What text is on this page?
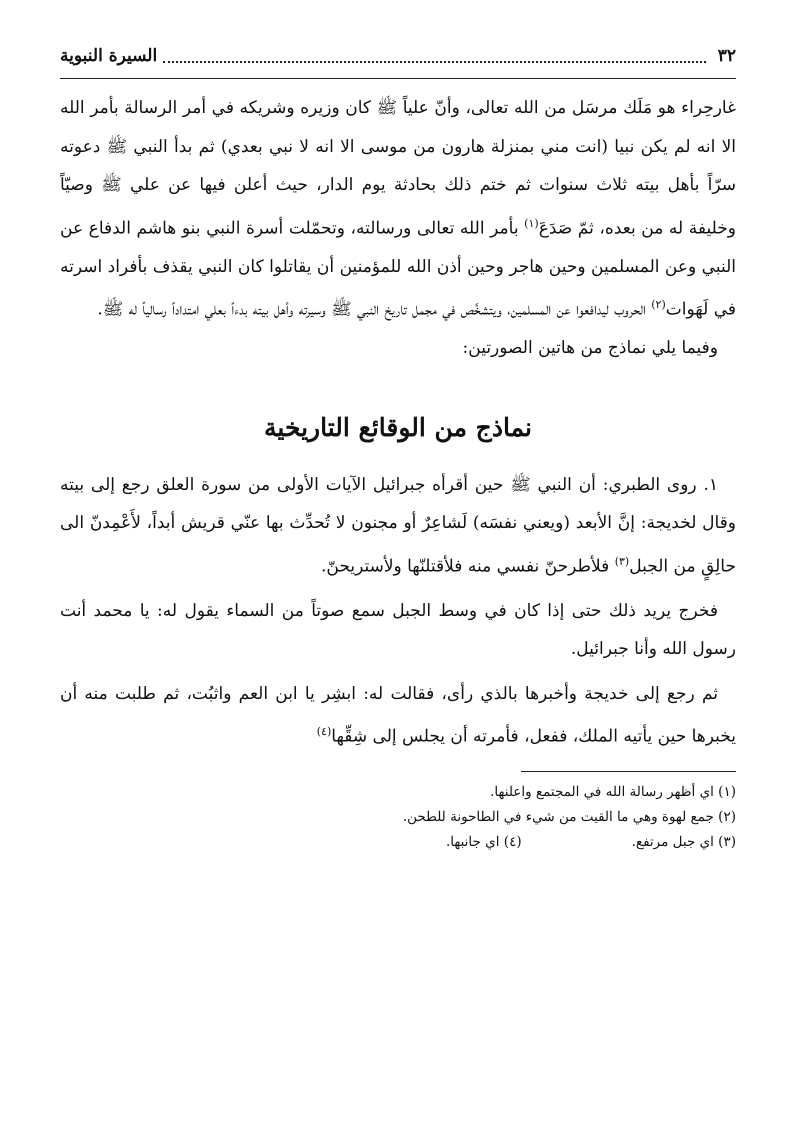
٣٢
السيرة النبوية

غارحِراء هو مَلَك مرسَل من الله تعالى، وأنّ علياً ﷺ كان وزيره وشريكه في أمر الرسالة بأمر الله الا انه لم يكن نبيا (انت مني بمنزلة هارون من موسى الا انه لا نبي بعدي) ثم بدأ النبي ﷺ دعوته سرّاً بأهل بيته ثلاث سنوات ثم ختم ذلك بحادثة يوم الدار، حيث أعلن فيها عن علي ﷺ وصيّاً وخليفة له من بعده، ثمّ صَدَعَ$^{(١)}$ بأمر الله تعالى ورسالته، وتحمّلت أسرة النبي بنو هاشم الدفاع عن النبي وعن المسلمين وحين هاجر وحين أذن الله للمؤمنين أن يقاتلوا كان النبي يقذف بأفراد اسرته في لَهَوات$^{(٢)}$ الحروب ليدافعوا عن المسلمين، ويتشخَّص في مجمل تاريخ النبي ﷺ وسيرته وأهل بيته بدءاً بعلي امتداداً رسالياً له ﷺ.

وفيما يلي نماذج من هاتين الصورتين:

نماذج من الوقائع التاريخية

١. روى الطبري: أن النبي ﷺ حين أقرأه جبرائيل الآيات الأولى من سورة العلق رجع إلى بيته وقال لخديجة: إنَّ الأبعد (ويعني نفسَه) لَشاعِرٌ أو مجنون لا تُحدِّث بها عنّي قريش أبداً، لأَعْمِدنّ الى حالِقٍ من الجبل$^{(٣)}$ فلأطرحنّ نفسي منه فلأقتلنّها ولأستريحنّ.

فخرج يريد ذلك حتى إذا كان في وسط الجبل سمع صوتاً من السماء يقول له: يا محمد أنت رسول الله وأنا جبرائيل.

ثم رجع إلى خديجة وأخبرها بالذي رأى، فقالت له: ابشِر يا ابن العم واثبُت، ثم طلبت منه أن يخبرها حين يأتيه الملك، ففعل، فأمرته أن يجلس إلى شِقِّها$^{(٤)}$

(١) اي أظهر رسالة الله في المجتمع واعلنها.
(٢) جمع لهوة وهي ما القيت من شيء في الطاحونة للطحن.
(٣) اي جبل مرتفع.
(٤) اي جانبها.
